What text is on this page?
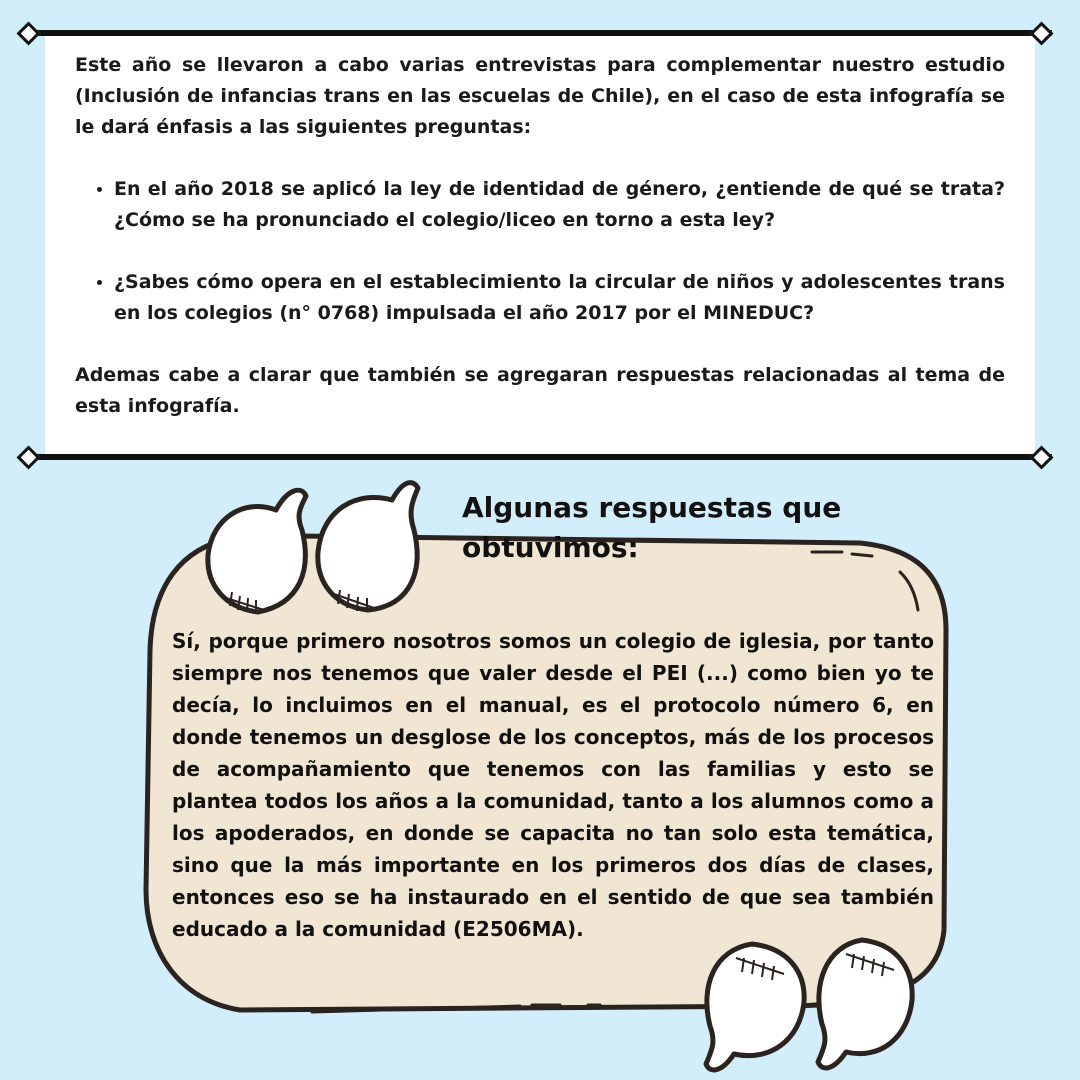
Este año se llevaron a cabo varias entrevistas para complementar nuestro estudio (Inclusión de infancias trans en las escuelas de Chile), en el caso de esta infografía se le dará énfasis a las siguientes preguntas:

• En el año 2018 se aplicó la ley de identidad de género, ¿entiende de qué se trata? ¿Cómo se ha pronunciado el colegio/liceo en torno a esta ley?
• ¿Sabes cómo opera en el establecimiento la circular de niños y adolescentes trans en los colegios (n° 0768) impulsada el año 2017 por el MINEDUC?

Ademas cabe a clarar que también se agregaran respuestas relacionadas al tema de esta infografía.

Algunas respuestas que obtuvimos:
Sí, porque primero nosotros somos un colegio de iglesia, por tanto siempre nos tenemos que valer desde el PEI (...) como bien yo te decía, lo incluimos en el manual, es el protocolo número 6, en donde tenemos un desglose de los conceptos, más de los procesos de acompañamiento que tenemos con las familias y esto se plantea todos los años a la comunidad, tanto a los alumnos como a los apoderados, en donde se capacita no tan solo esta temática, sino que la más importante en los primeros dos días de clases, entonces eso se ha instaurado en el sentido de que sea también educado a la comunidad (E2506MA).
